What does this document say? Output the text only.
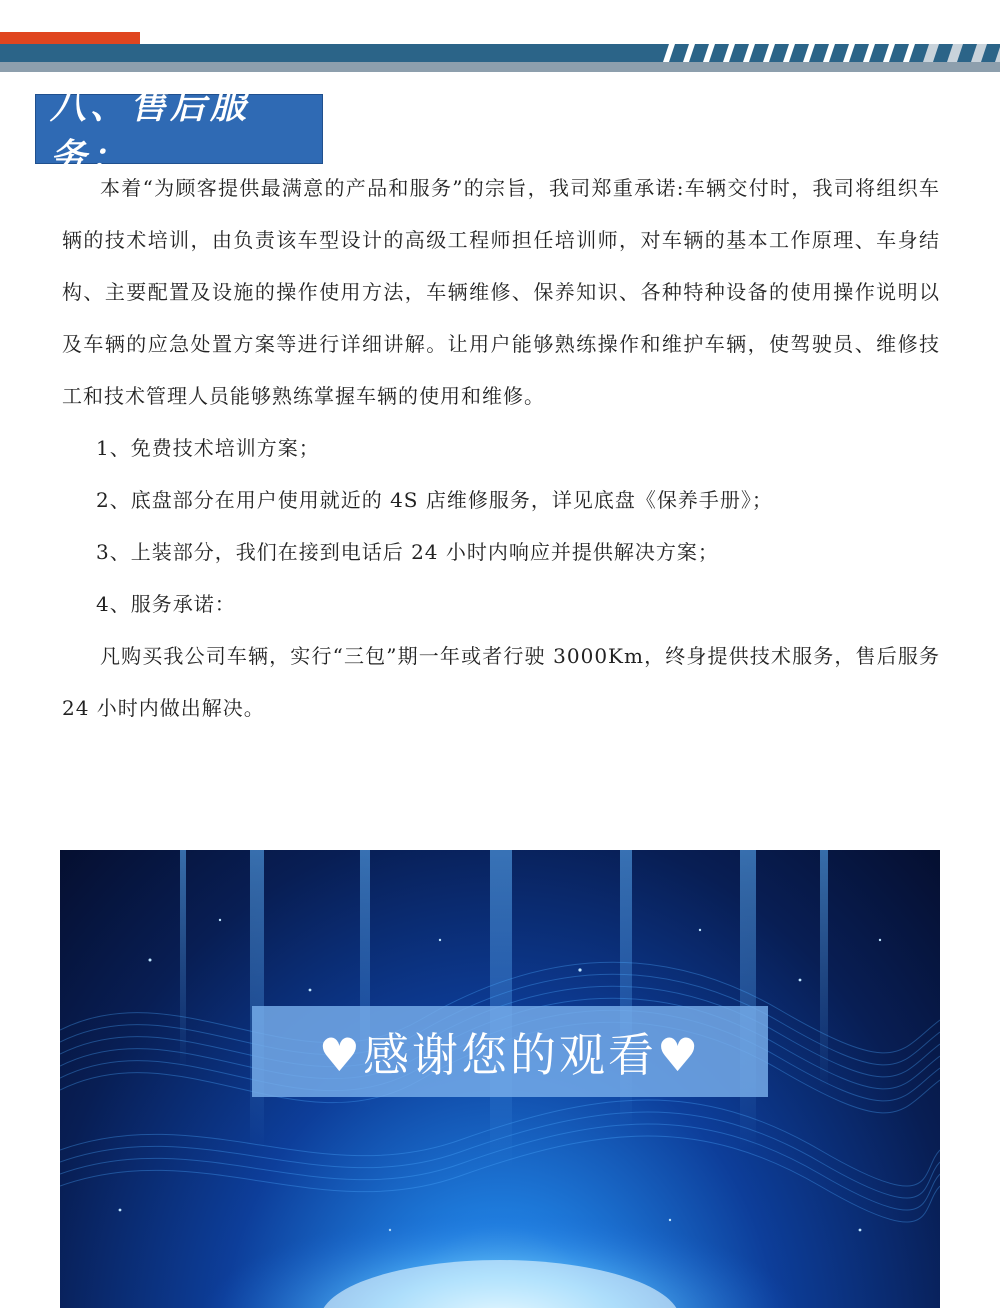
八、售后服务：

本着“为顾客提供最满意的产品和服务”的宗旨，我司郑重承诺:车辆交付时，我司将组织车辆的技术培训，由负责该车型设计的高级工程师担任培训师，对车辆的基本工作原理、车身结构、主要配置及设施的操作使用方法，车辆维修、保养知识、各种特种设备的使用操作说明以及车辆的应急处置方案等进行详细讲解。让用户能够熟练操作和维护车辆，使驾驶员、维修技工和技术管理人员能够熟练掌握车辆的使用和维修。

1、免费技术培训方案；

2、底盘部分在用户使用就近的 4S 店维修服务，详见底盘《保养手册》；

3、上装部分，我们在接到电话后 24 小时内响应并提供解决方案；

4、服务承诺：

凡购买我公司车辆，实行“三包”期一年或者行驶 3000Km，终身提供技术服务，售后服务 24 小时内做出解决。

♥感谢您的观看♥
